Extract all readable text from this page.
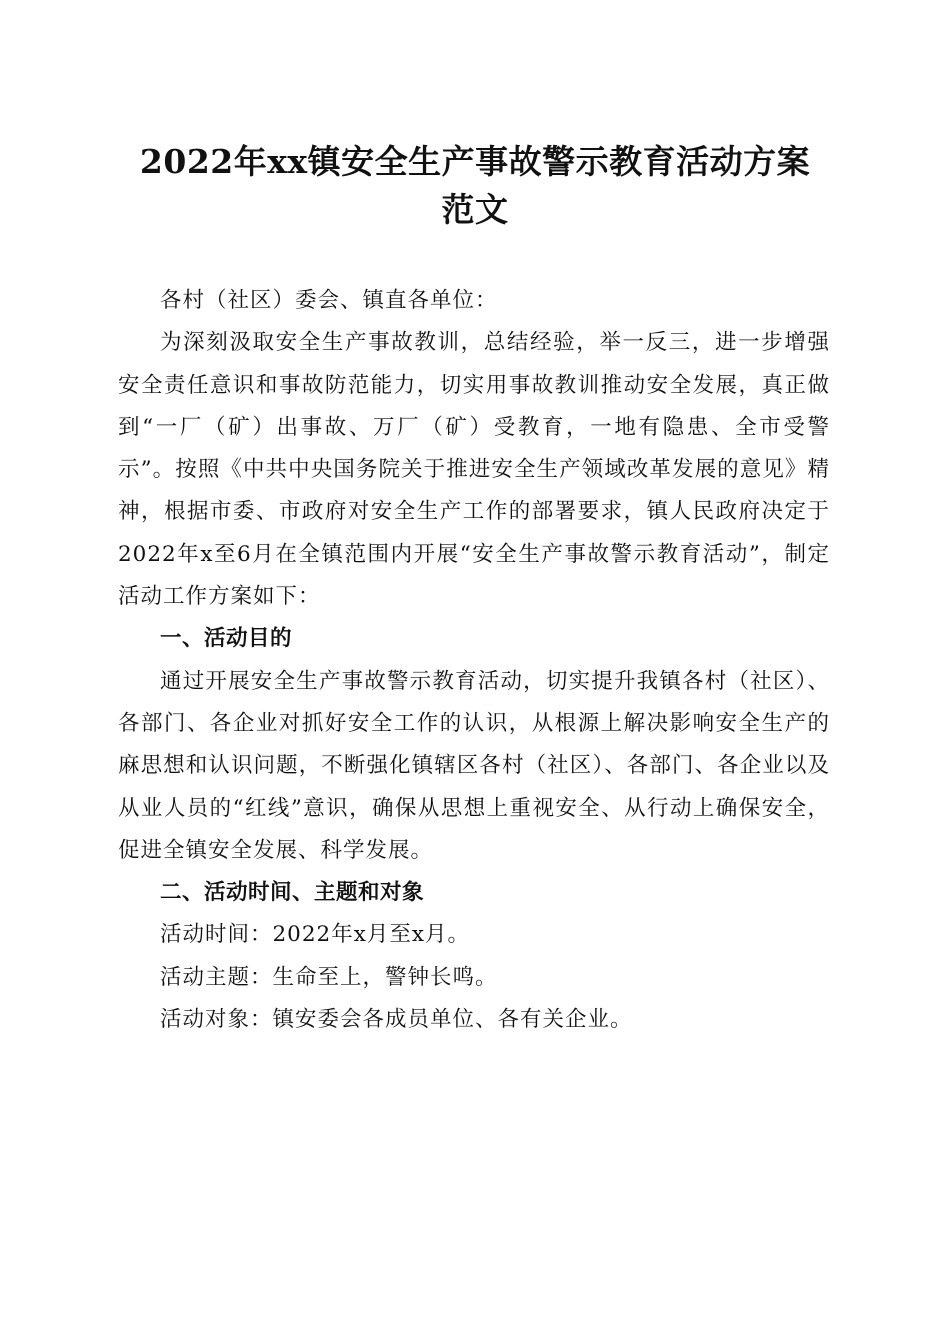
2022年xx镇安全生产事故警示教育活动方案
范文

各村（社区）委会、镇直各单位：

为深刻汲取安全生产事故教训，总结经验，举一反三，进一步增强安全责任意识和事故防范能力，切实用事故教训推动安全发展，真正做到“一厂（矿）出事故、万厂（矿）受教育，一地有隐患、全市受警示”。按照《中共中央国务院关于推进安全生产领域改革发展的意见》精神，根据市委、市政府对安全生产工作的部署要求，镇人民政府决定于2022年x至6月在全镇范围内开展“安全生产事故警示教育活动”，制定活动工作方案如下：

一、活动目的

通过开展安全生产事故警示教育活动，切实提升我镇各村（社区）、各部门、各企业对抓好安全工作的认识，从根源上解决影响安全生产的麻思想和认识问题，不断强化镇辖区各村（社区）、各部门、各企业以及从业人员的“红线”意识，确保从思想上重视安全、从行动上确保安全，促进全镇安全发展、科学发展。

二、活动时间、主题和对象

活动时间：2022年x月至x月。

活动主题：生命至上，警钟长鸣。

活动对象：镇安委会各成员单位、各有关企业。
